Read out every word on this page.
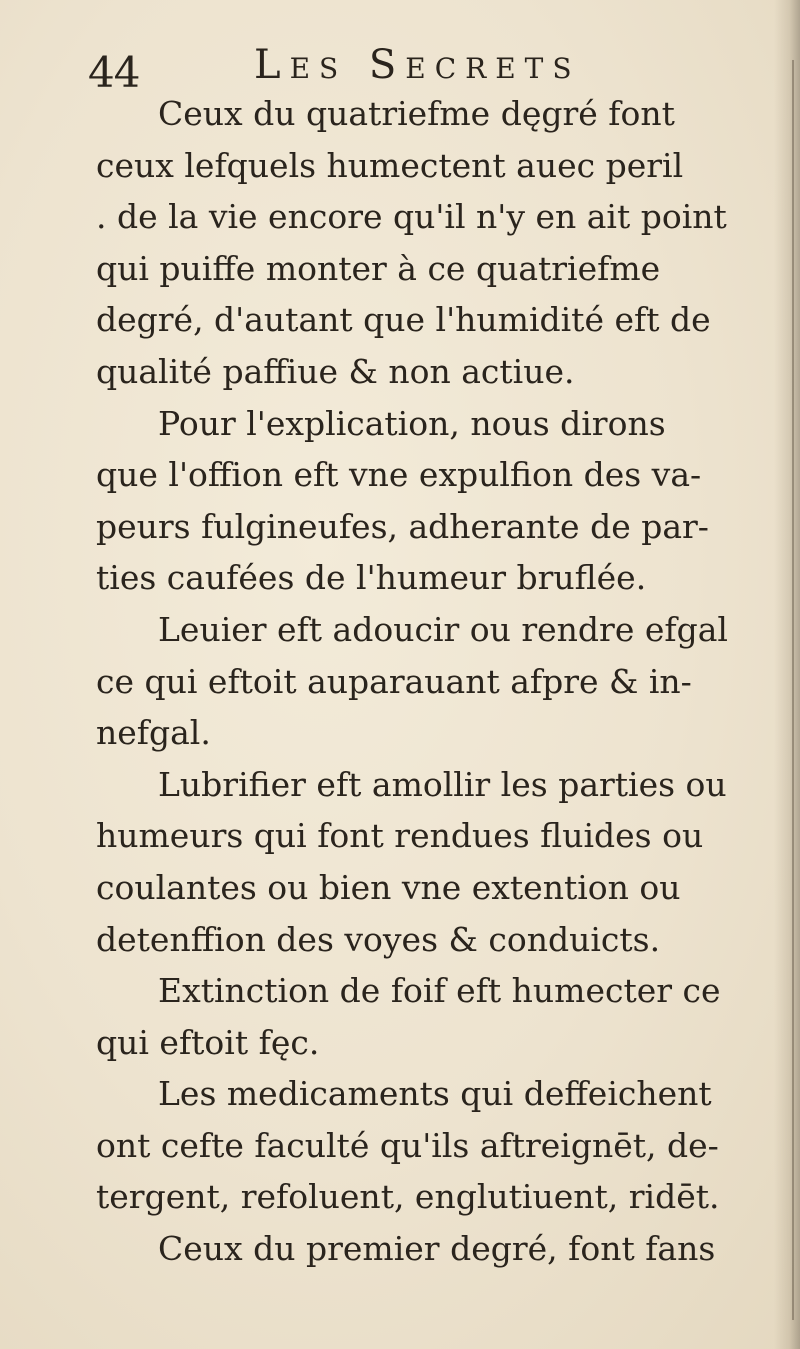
44	Les Secrets
Ceux du quatriefme dęgré font
ceux lefquels humectent auec peril
. de la vie encore qu'il n'y en ait point
qui puiffe monter à ce quatriefme
degré, d'autant que l'humidité eft de
qualité paffiue & non actiue.
Pour l'explication, nous dirons
que l'offion eft vne expulfion des va-
peurs fulgineufes, adherante de par-
ties caufées de l'humeur bruflée.
Leuier eft adoucir ou rendre efgal
ce qui eftoit auparauant afpre & in-
nefgal.
Lubrifier eft amollir les parties ou
humeurs qui font rendues fluides ou
coulantes ou bien vne extention ou
detenffion des voyes & conduicts.
Extinction de foif eft humecter ce
qui eftoit fęc.
Les medicaments qui deffeichent
ont cefte faculté qu'ils aftreignēt, de-
tergent, refoluent, englutiuent, ridēt.
Ceux du premier degré, font fans
